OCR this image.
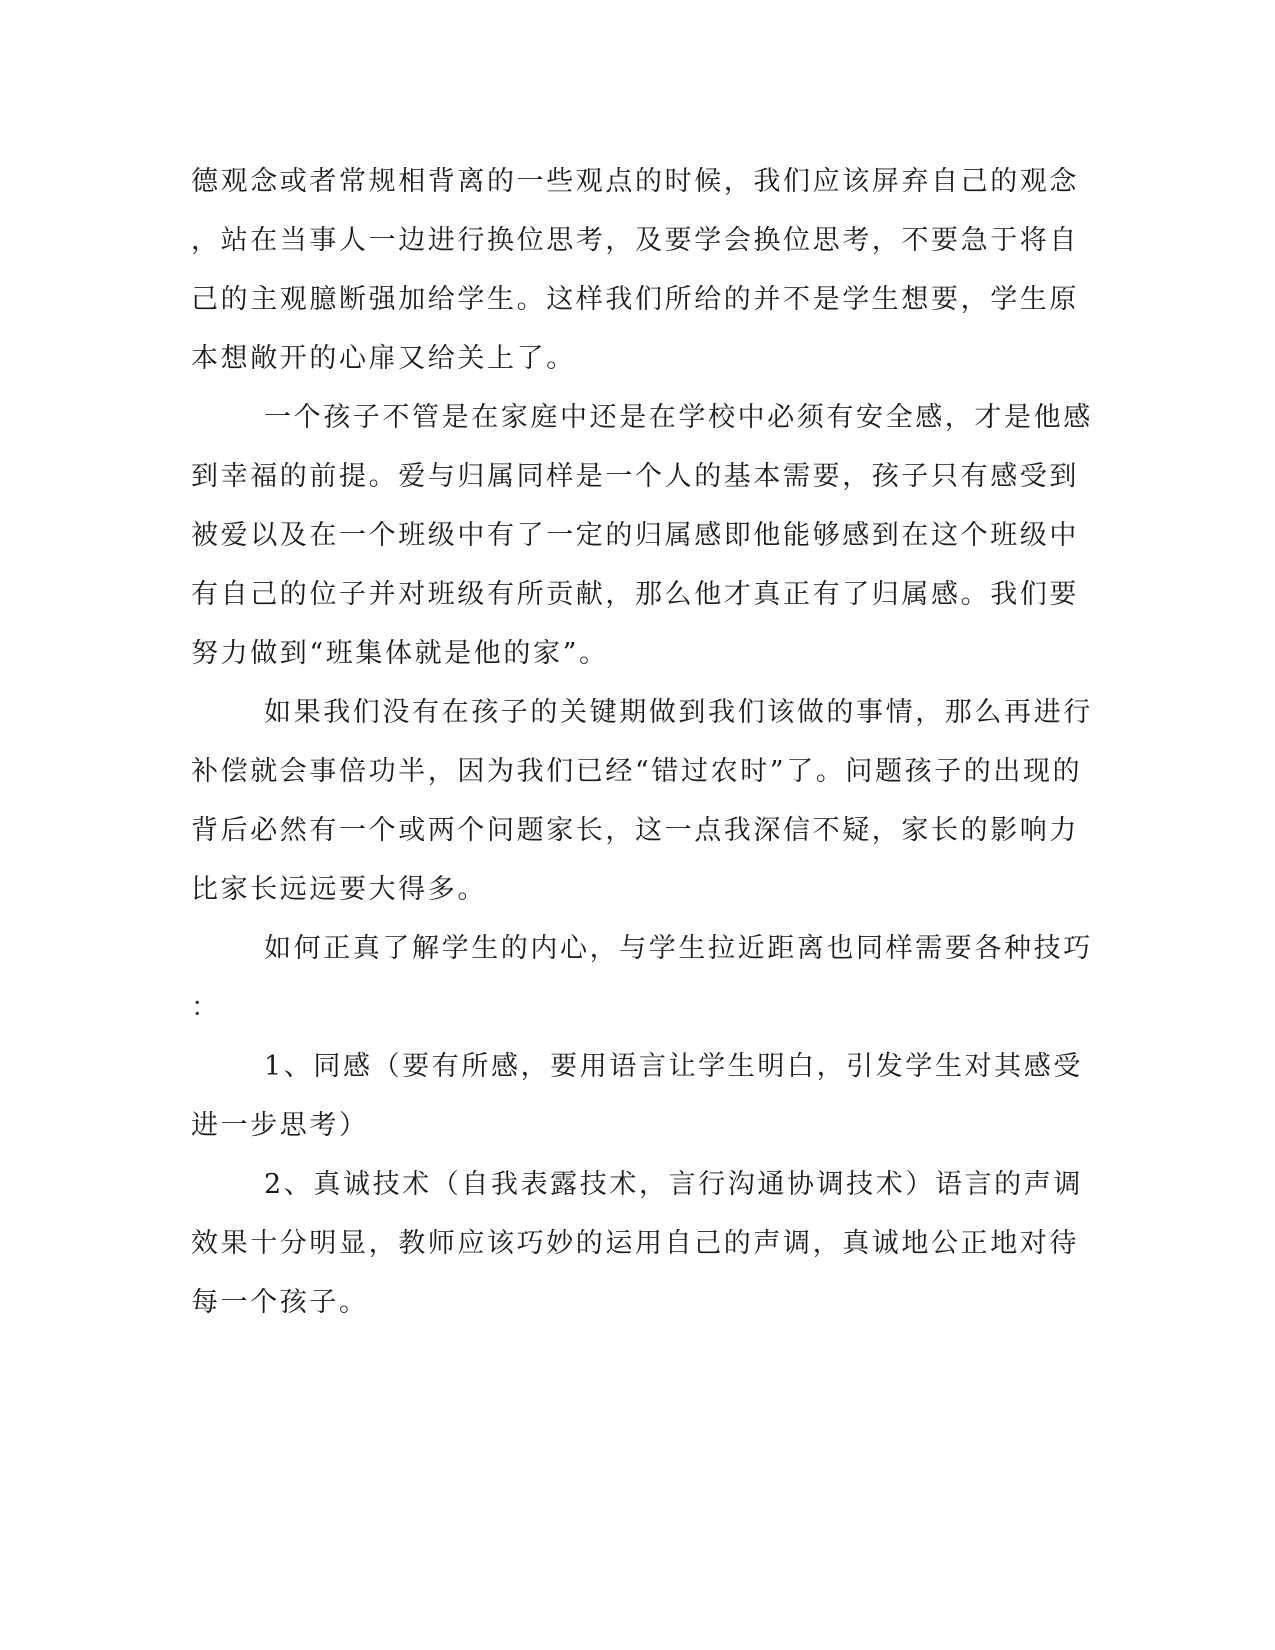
德观念或者常规相背离的一些观点的时候，我们应该屏弃自己的观念
，站在当事人一边进行换位思考，及要学会换位思考，不要急于将自
己的主观臆断强加给学生。这样我们所给的并不是学生想要，学生原
本想敞开的心扉又给关上了。
一个孩子不管是在家庭中还是在学校中必须有安全感，才是他感
到幸福的前提。爱与归属同样是一个人的基本需要，孩子只有感受到
被爱以及在一个班级中有了一定的归属感即他能够感到在这个班级中
有自己的位子并对班级有所贡献，那么他才真正有了归属感。我们要
努力做到“班集体就是他的家”。
如果我们没有在孩子的关键期做到我们该做的事情，那么再进行
补偿就会事倍功半，因为我们已经“错过农时”了。问题孩子的出现的
背后必然有一个或两个问题家长，这一点我深信不疑，家长的影响力
比家长远远要大得多。
如何正真了解学生的内心，与学生拉近距离也同样需要各种技巧
：
1、同感（要有所感，要用语言让学生明白，引发学生对其感受
进一步思考）
2、真诚技术（自我表露技术，言行沟通协调技术）语言的声调
效果十分明显，教师应该巧妙的运用自己的声调，真诚地公正地对待
每一个孩子。
